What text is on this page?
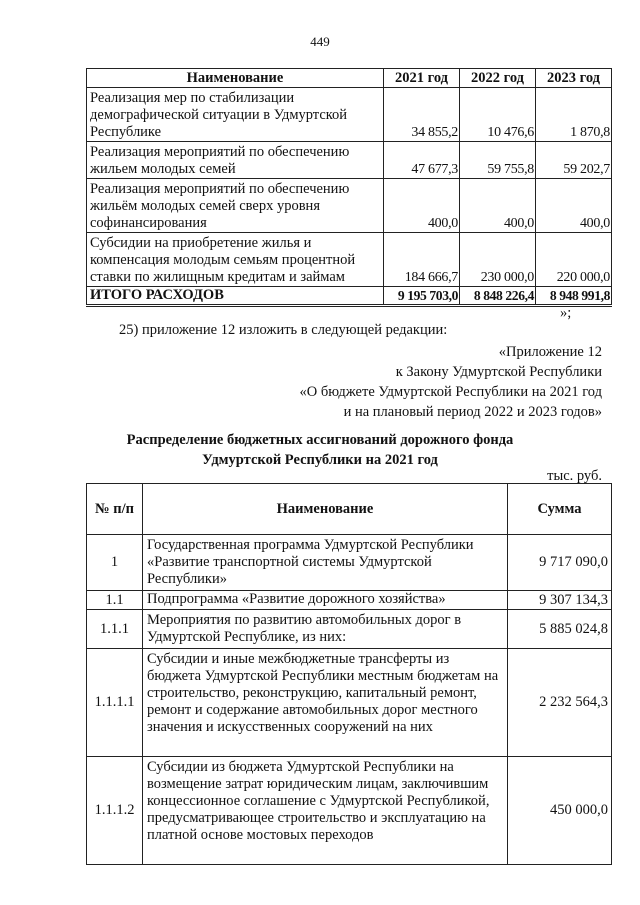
449
Наименование	2021 год	2022 год	2023 год
Реализация мер по стабилизации демографической ситуации в Удмуртской Республике	34 855,2	10 476,6	1 870,8
Реализация мероприятий по обеспечению жильем молодых семей	47 677,3	59 755,8	59 202,7
Реализация мероприятий по обеспечению жильём молодых семей сверх уровня софинансирования	400,0	400,0	400,0
Субсидии на приобретение жилья и компенсация молодым семьям процентной ставки по жилищным кредитам и займам	184 666,7	230 000,0	220 000,0
ИТОГО РАСХОДОВ	9 195 703,0	8 848 226,4	8 948 991,8
»;
25) приложение 12 изложить в следующей редакции:
«Приложение 12
к Закону Удмуртской Республики
«О бюджете Удмуртской Республики на 2021 год
и на плановый период 2022 и 2023 годов»
Распределение бюджетных ассигнований дорожного фонда
Удмуртской Республики на 2021 год
тыс. руб.
№ п/п	Наименование	Сумма
1	Государственная программа Удмуртской Республики «Развитие транспортной системы Удмуртской Республики»	9 717 090,0
1.1	Подпрограмма «Развитие дорожного хозяйства»	9 307 134,3
1.1.1	Мероприятия по развитию автомобильных дорог в Удмуртской Республике, из них:	5 885 024,8
1.1.1.1	Субсидии и иные межбюджетные трансферты из бюджета Удмуртской Республики местным бюджетам на строительство, реконструкцию, капитальный ремонт, ремонт и содержание автомобильных дорог местного значения и искусственных сооружений на них	2 232 564,3
1.1.1.2	Субсидии из бюджета Удмуртской Республики на возмещение затрат юридическим лицам, заключившим концессионное соглашение с Удмуртской Республикой, предусматривающее строительство и эксплуатацию на платной основе мостовых переходов	450 000,0
